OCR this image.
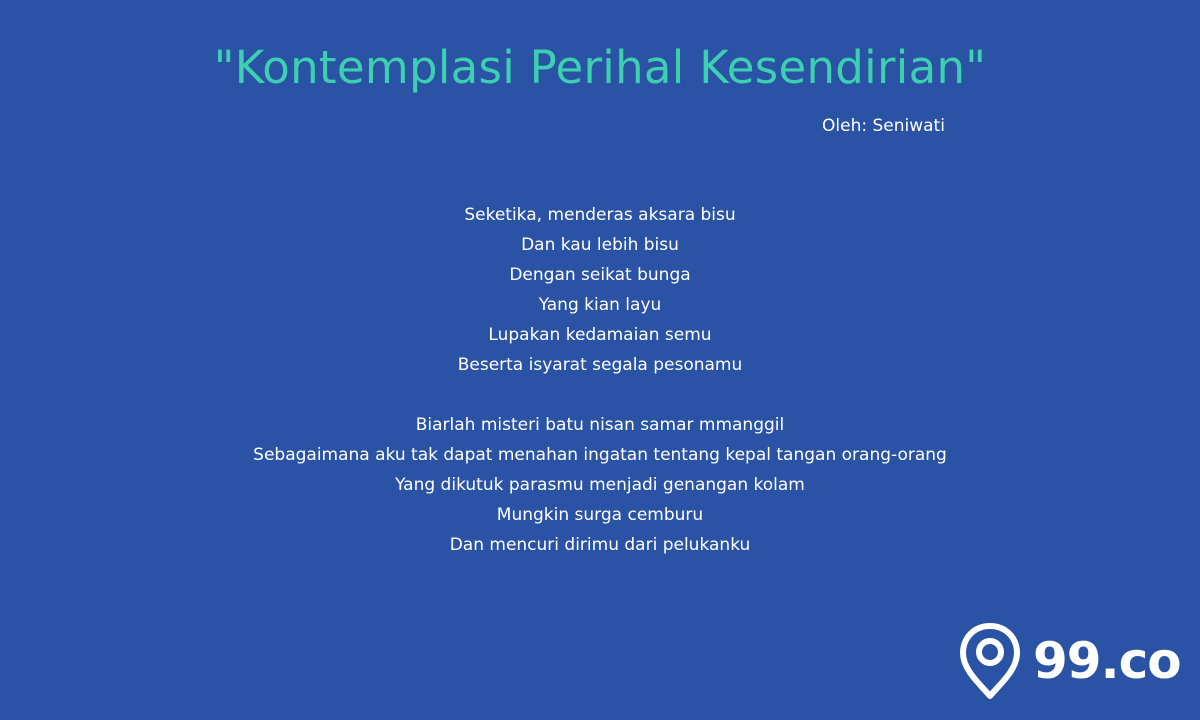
"Kontemplasi Perihal Kesendirian"
Oleh: Seniwati
Seketika, menderas aksara bisu
Dan kau lebih bisu
Dengan seikat bunga
Yang kian layu
Lupakan kedamaian semu
Beserta isyarat segala pesonamu
Biarlah misteri batu nisan samar mmanggil
Sebagaimana aku tak dapat menahan ingatan tentang kepal tangan orang-orang
Yang dikutuk parasmu menjadi genangan kolam
Mungkin surga cemburu
Dan mencuri dirimu dari pelukanku
99.co
